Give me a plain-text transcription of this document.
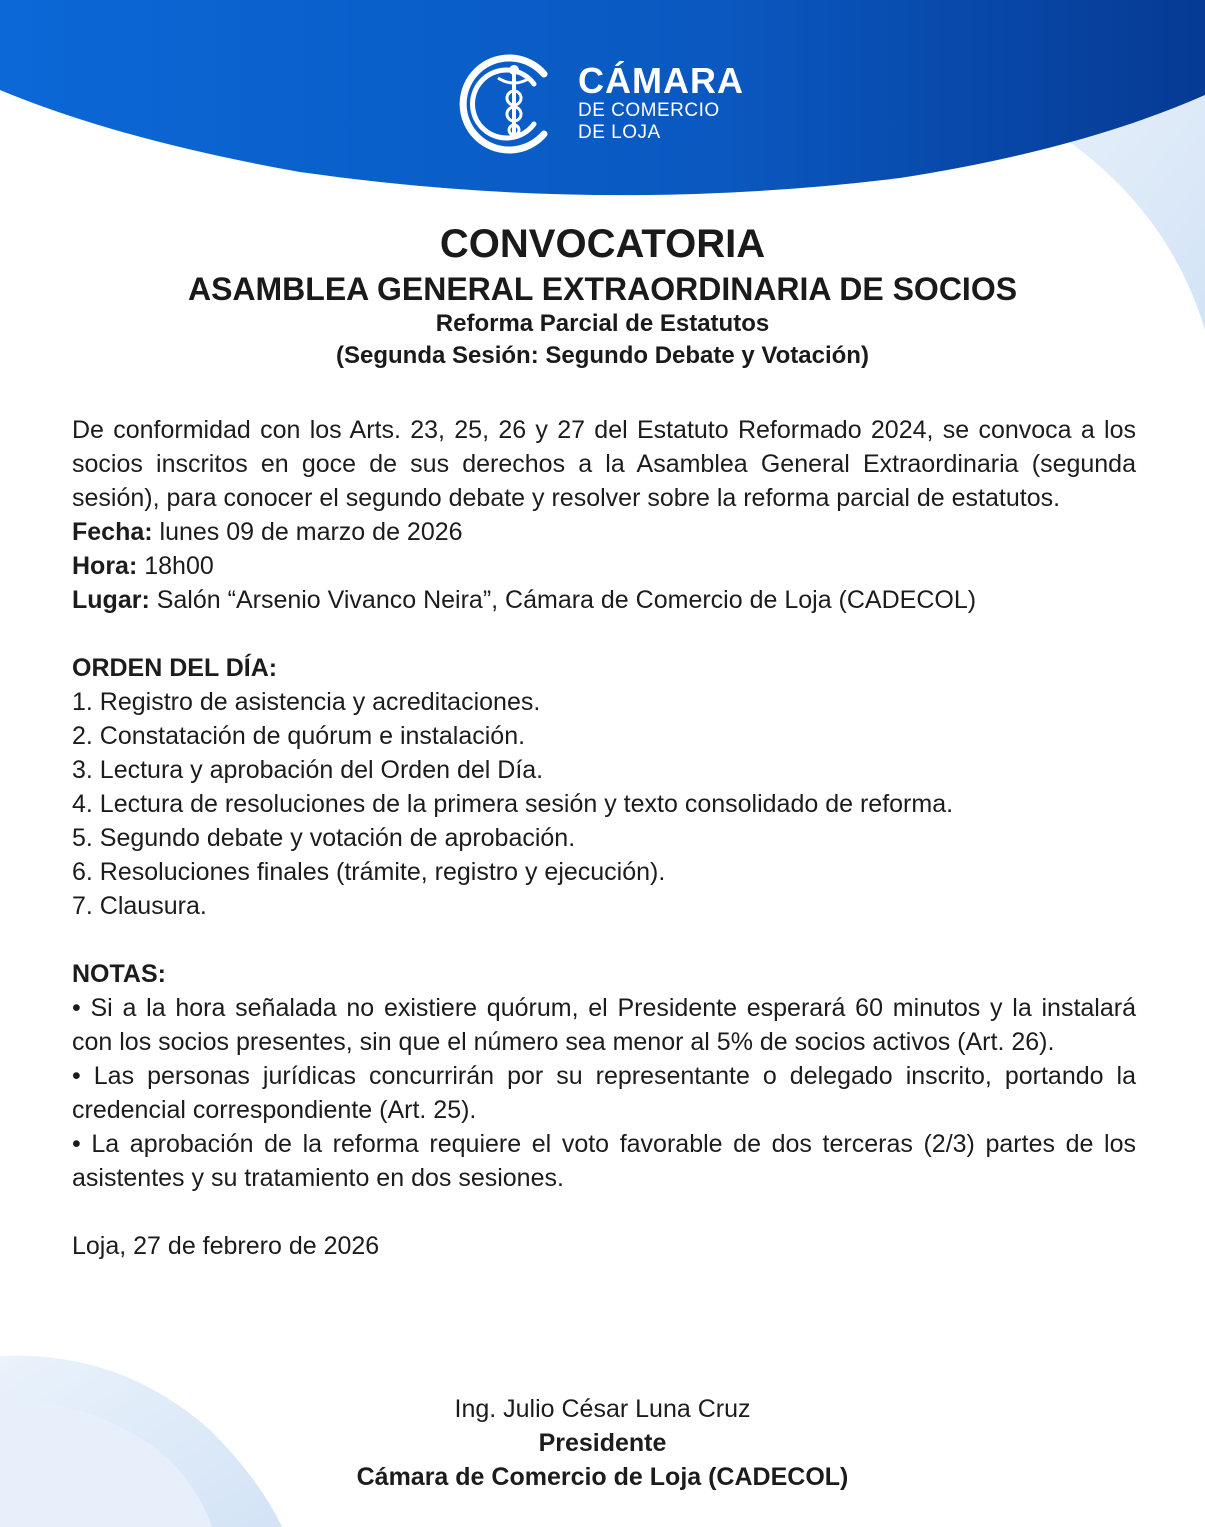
CÁMARA
DE COMERCIO
DE LOJA
CONVOCATORIA
ASAMBLEA GENERAL EXTRAORDINARIA DE SOCIOS
Reforma Parcial de Estatutos
(Segunda Sesión: Segundo Debate y Votación)

De conformidad con los Arts. 23, 25, 26 y 27 del Estatuto Reformado 2024, se convoca a los socios inscritos en goce de sus derechos a la Asamblea General Extraordinaria (segunda sesión), para conocer el segundo debate y resolver sobre la reforma parcial de estatutos.

Fecha: lunes 09 de marzo de 2026

Hora: 18h00

Lugar: Salón “Arsenio Vivanco Neira”, Cámara de Comercio de Loja (CADECOL)

ORDEN DEL DÍA:

1. Registro de asistencia y acreditaciones.
2. Constatación de quórum e instalación.
3. Lectura y aprobación del Orden del Día.
4. Lectura de resoluciones de la primera sesión y texto consolidado de reforma.
5. Segundo debate y votación de aprobación.
6. Resoluciones finales (trámite, registro y ejecución).
7. Clausura.

NOTAS:

• Si a la hora señalada no existiere quórum, el Presidente esperará 60 minutos y la instalará con los socios presentes, sin que el número sea menor al 5% de socios activos (Art. 26).

• Las personas jurídicas concurrirán por su representante o delegado inscrito, portando la credencial correspondiente (Art. 25).

• La aprobación de la reforma requiere el voto favorable de dos terceras (2/3) partes de los asistentes y su tratamiento en dos sesiones.

Loja, 27 de febrero de 2026

Ing. Julio César Luna Cruz
Presidente
Cámara de Comercio de Loja (CADECOL)
